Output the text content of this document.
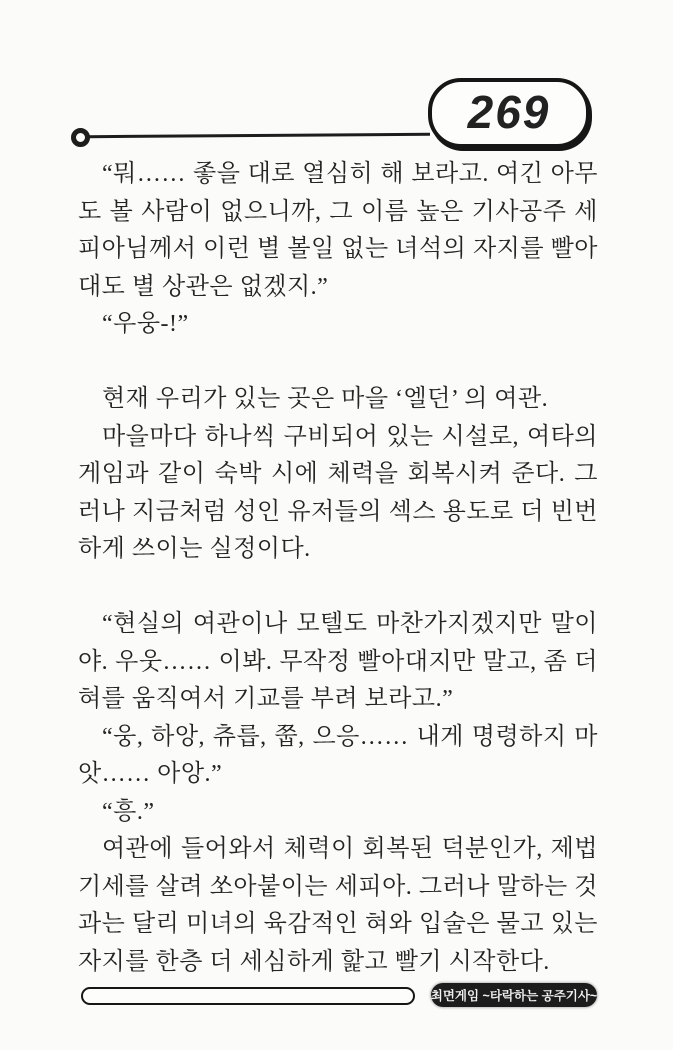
269

“뭐…… 좋을 대로 열심히 해 보라고. 여긴 아무도 볼 사람이 없으니까, 그 이름 높은 기사공주 세피아님께서 이런 별 볼일 없는 녀석의 자지를 빨아대도 별 상관은 없겠지.”

“우웅-!”

현재 우리가 있는 곳은 마을 ‘엘던’ 의 여관.

마을마다 하나씩 구비되어 있는 시설로, 여타의 게임과 같이 숙박 시에 체력을 회복시켜 준다. 그러나 지금처럼 성인 유저들의 섹스 용도로 더 빈번하게 쓰이는 실정이다.

“현실의 여관이나 모텔도 마찬가지겠지만 말이야. 우웃…… 이봐. 무작정 빨아대지만 말고, 좀 더 혀를 움직여서 기교를 부려 보라고.”

“웅, 하앙, 츄릅, 쭙, 으응…… 내게 명령하지 마앗…… 아앙.”

“흥.”

여관에 들어와서 체력이 회복된 덕분인가, 제법 기세를 살려 쏘아붙이는 세피아. 그러나 말하는 것과는 달리 미녀의 육감적인 혀와 입술은 물고 있는 자지를 한층 더 세심하게 핥고 빨기 시작한다.

최면게임 ~타락하는 공주기사~
